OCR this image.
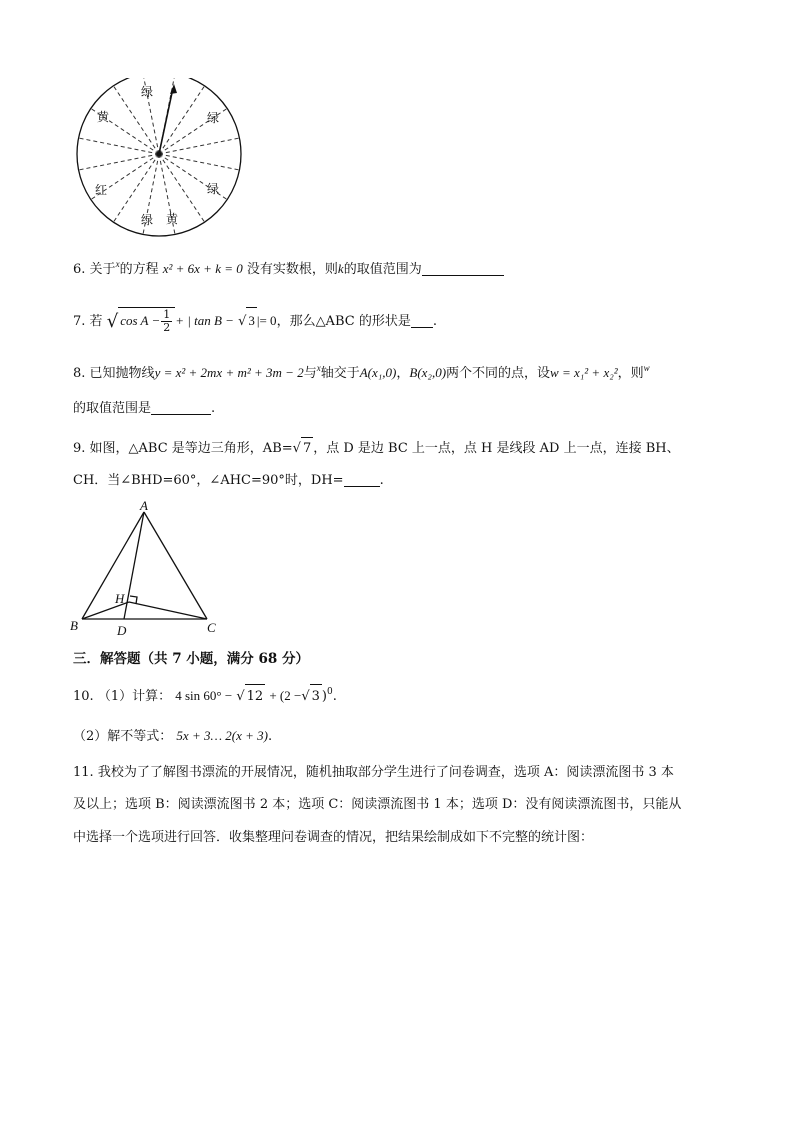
绿
黄	绿
红	绿
绿 黄
6. 关于$^x$的方程 x² + 6x + k = 0 没有实数根，则k的取值范围为
7. 若 √ $\cos A - \frac{1}{2}$ + | tan B − √ 3 |= 0，那么△ABC 的形状是 .
8. 已知抛物线y = x² + 2mx + m² + 3m − 2与$^x$轴交于A(x₁,0)，B(x₂,0)两个不同的点，设w = x₁² + x₂²，则$^w$
的取值范围是	.
9. 如图，△ABC 是等边三角形，AB=√ 7 ，点 D 是边 BC 上一点，点 H 是线段 AD 上一点，连接 BH、
CH．当∠BHD=60°，∠AHC=90°时，DH=	.
A
B	C
D
H
三．解答题（共 7 小题，满分 68 分）
10. （1）计算： 4 sin 60° − √ 12 + (2 −√ 3 )$^0$.
（2）解不等式： 5x + 3… 2(x + 3).
11. 我校为了了解图书漂流的开展情况，随机抽取部分学生进行了问卷调查，选项 A：阅读漂流图书 3 本
及以上；选项 B：阅读漂流图书 2 本；选项 C：阅读漂流图书 1 本；选项 D：没有阅读漂流图书，只能从
中选择一个选项进行回答．收集整理问卷调查的情况，把结果绘制成如下不完整的统计图：
